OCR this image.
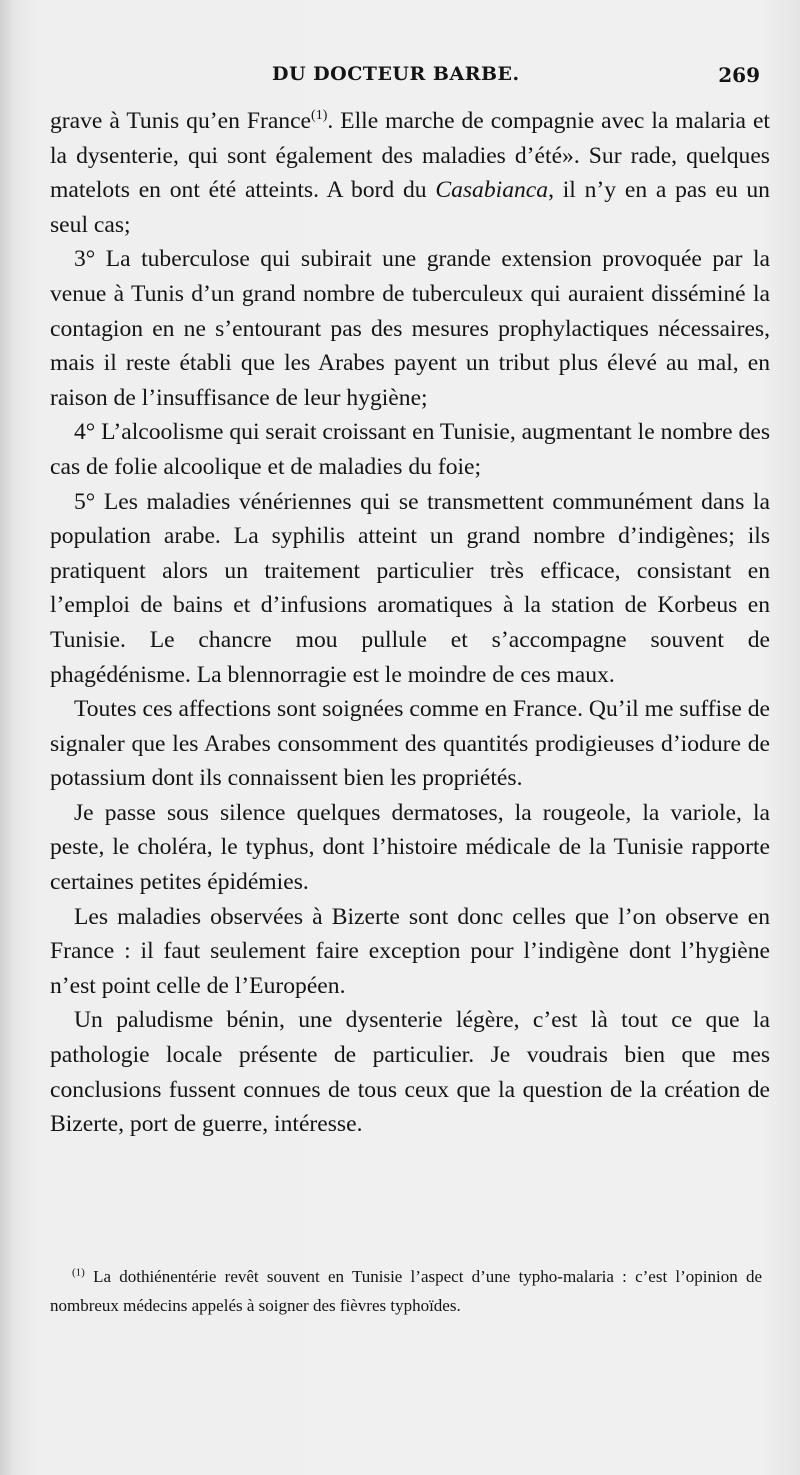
DU DOCTEUR BARBE.	269

grave à Tunis qu’en France$^{(1)}$. Elle marche de compagnie avec la malaria et la dysenterie, qui sont également des maladies d’été». Sur rade, quelques matelots en ont été atteints. A bord du Casabianca, il n’y en a pas eu un seul cas;

3° La tuberculose qui subirait une grande extension provoquée par la venue à Tunis d’un grand nombre de tuberculeux qui auraient disséminé la contagion en ne s’entourant pas des mesures prophylactiques nécessaires, mais il reste établi que les Arabes payent un tribut plus élevé au mal, en raison de l’insuffisance de leur hygiène;

4° L’alcoolisme qui serait croissant en Tunisie, augmentant le nombre des cas de folie alcoolique et de maladies du foie;

5° Les maladies vénériennes qui se transmettent communément dans la population arabe. La syphilis atteint un grand nombre d’indigènes; ils pratiquent alors un traitement particulier très efficace, consistant en l’emploi de bains et d’infusions aromatiques à la station de Korbeus en Tunisie. Le chancre mou pullule et s’accompagne souvent de phagédénisme. La blennorragie est le moindre de ces maux.

Toutes ces affections sont soignées comme en France. Qu’il me suffise de signaler que les Arabes consomment des quantités prodigieuses d’iodure de potassium dont ils connaissent bien les propriétés.

Je passe sous silence quelques dermatoses, la rougeole, la variole, la peste, le choléra, le typhus, dont l’histoire médicale de la Tunisie rapporte certaines petites épidémies.

Les maladies observées à Bizerte sont donc celles que l’on observe en France : il faut seulement faire exception pour l’indigène dont l’hygiène n’est point celle de l’Européen.

Un paludisme bénin, une dysenterie légère, c’est là tout ce que la pathologie locale présente de particulier. Je voudrais bien que mes conclusions fussent connues de tous ceux que la question de la création de Bizerte, port de guerre, intéresse.

$^{(1)}$ La dothiénentérie revêt souvent en Tunisie l’aspect d’une typho-malaria : c’est l’opinion de nombreux médecins appelés à soigner des fièvres typhoïdes.
